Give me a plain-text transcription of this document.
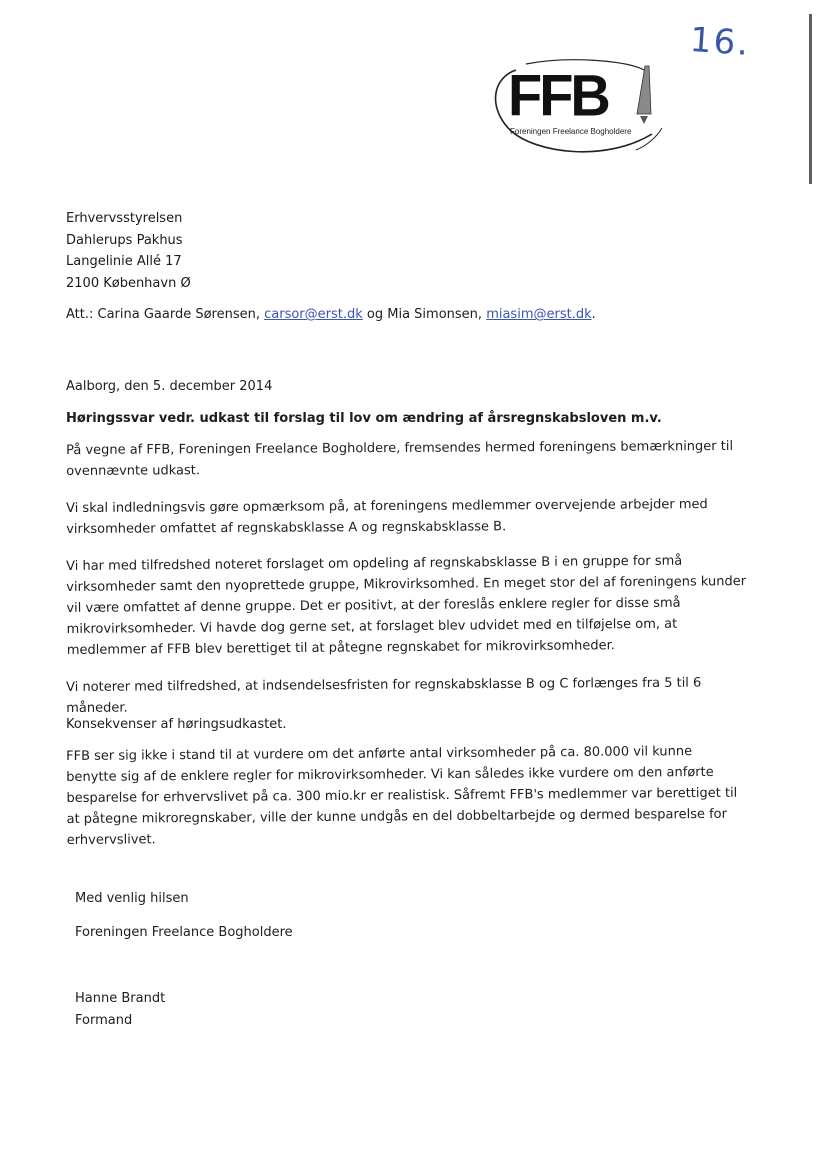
16.
FFB
Foreningen Freelance Bogholdere
Erhvervsstyrelsen
Dahlerups Pakhus
Langelinie Allé 17
2100 København Ø

Att.: Carina Gaarde Sørensen, carsor@erst.dk og Mia Simonsen, miasim@erst.dk.

Aalborg, den 5. december 2014

Høringssvar vedr. udkast til forslag til lov om ændring af årsregnskabsloven m.v.

På vegne af FFB, Foreningen Freelance Bogholdere, fremsendes hermed foreningens bemærkninger til ovennævnte udkast.

Vi skal indledningsvis gøre opmærksom på, at foreningens medlemmer overvejende arbejder med virksomheder omfattet af regnskabsklasse A og regnskabsklasse B.

Vi har med tilfredshed noteret forslaget om opdeling af regnskabsklasse B i en gruppe for små virksomheder samt den nyoprettede gruppe, Mikrovirksomhed. En meget stor del af foreningens kunder vil være omfattet af denne gruppe. Det er positivt, at der foreslås enklere regler for disse små mikrovirksomheder. Vi havde dog gerne set, at forslaget blev udvidet med en tilføjelse om, at medlemmer af FFB blev berettiget til at påtegne regnskabet for mikrovirksomheder.

Vi noterer med tilfredshed, at indsendelsesfristen for regnskabsklasse B og C forlænges fra 5 til 6 måneder.

Konsekvenser af høringsudkastet.

FFB ser sig ikke i stand til at vurdere om det anførte antal virksomheder på ca. 80.000 vil kunne benytte sig af de enklere regler for mikrovirksomheder. Vi kan således ikke vurdere om den anførte besparelse for erhvervslivet på ca. 300 mio.kr er realistisk. Såfremt FFB's medlemmer var berettiget til at påtegne mikroregnskaber, ville der kunne undgås en del dobbeltarbejde og dermed besparelse for erhvervslivet.

Med venlig hilsen

Foreningen Freelance Bogholdere

Hanne Brandt

Formand
